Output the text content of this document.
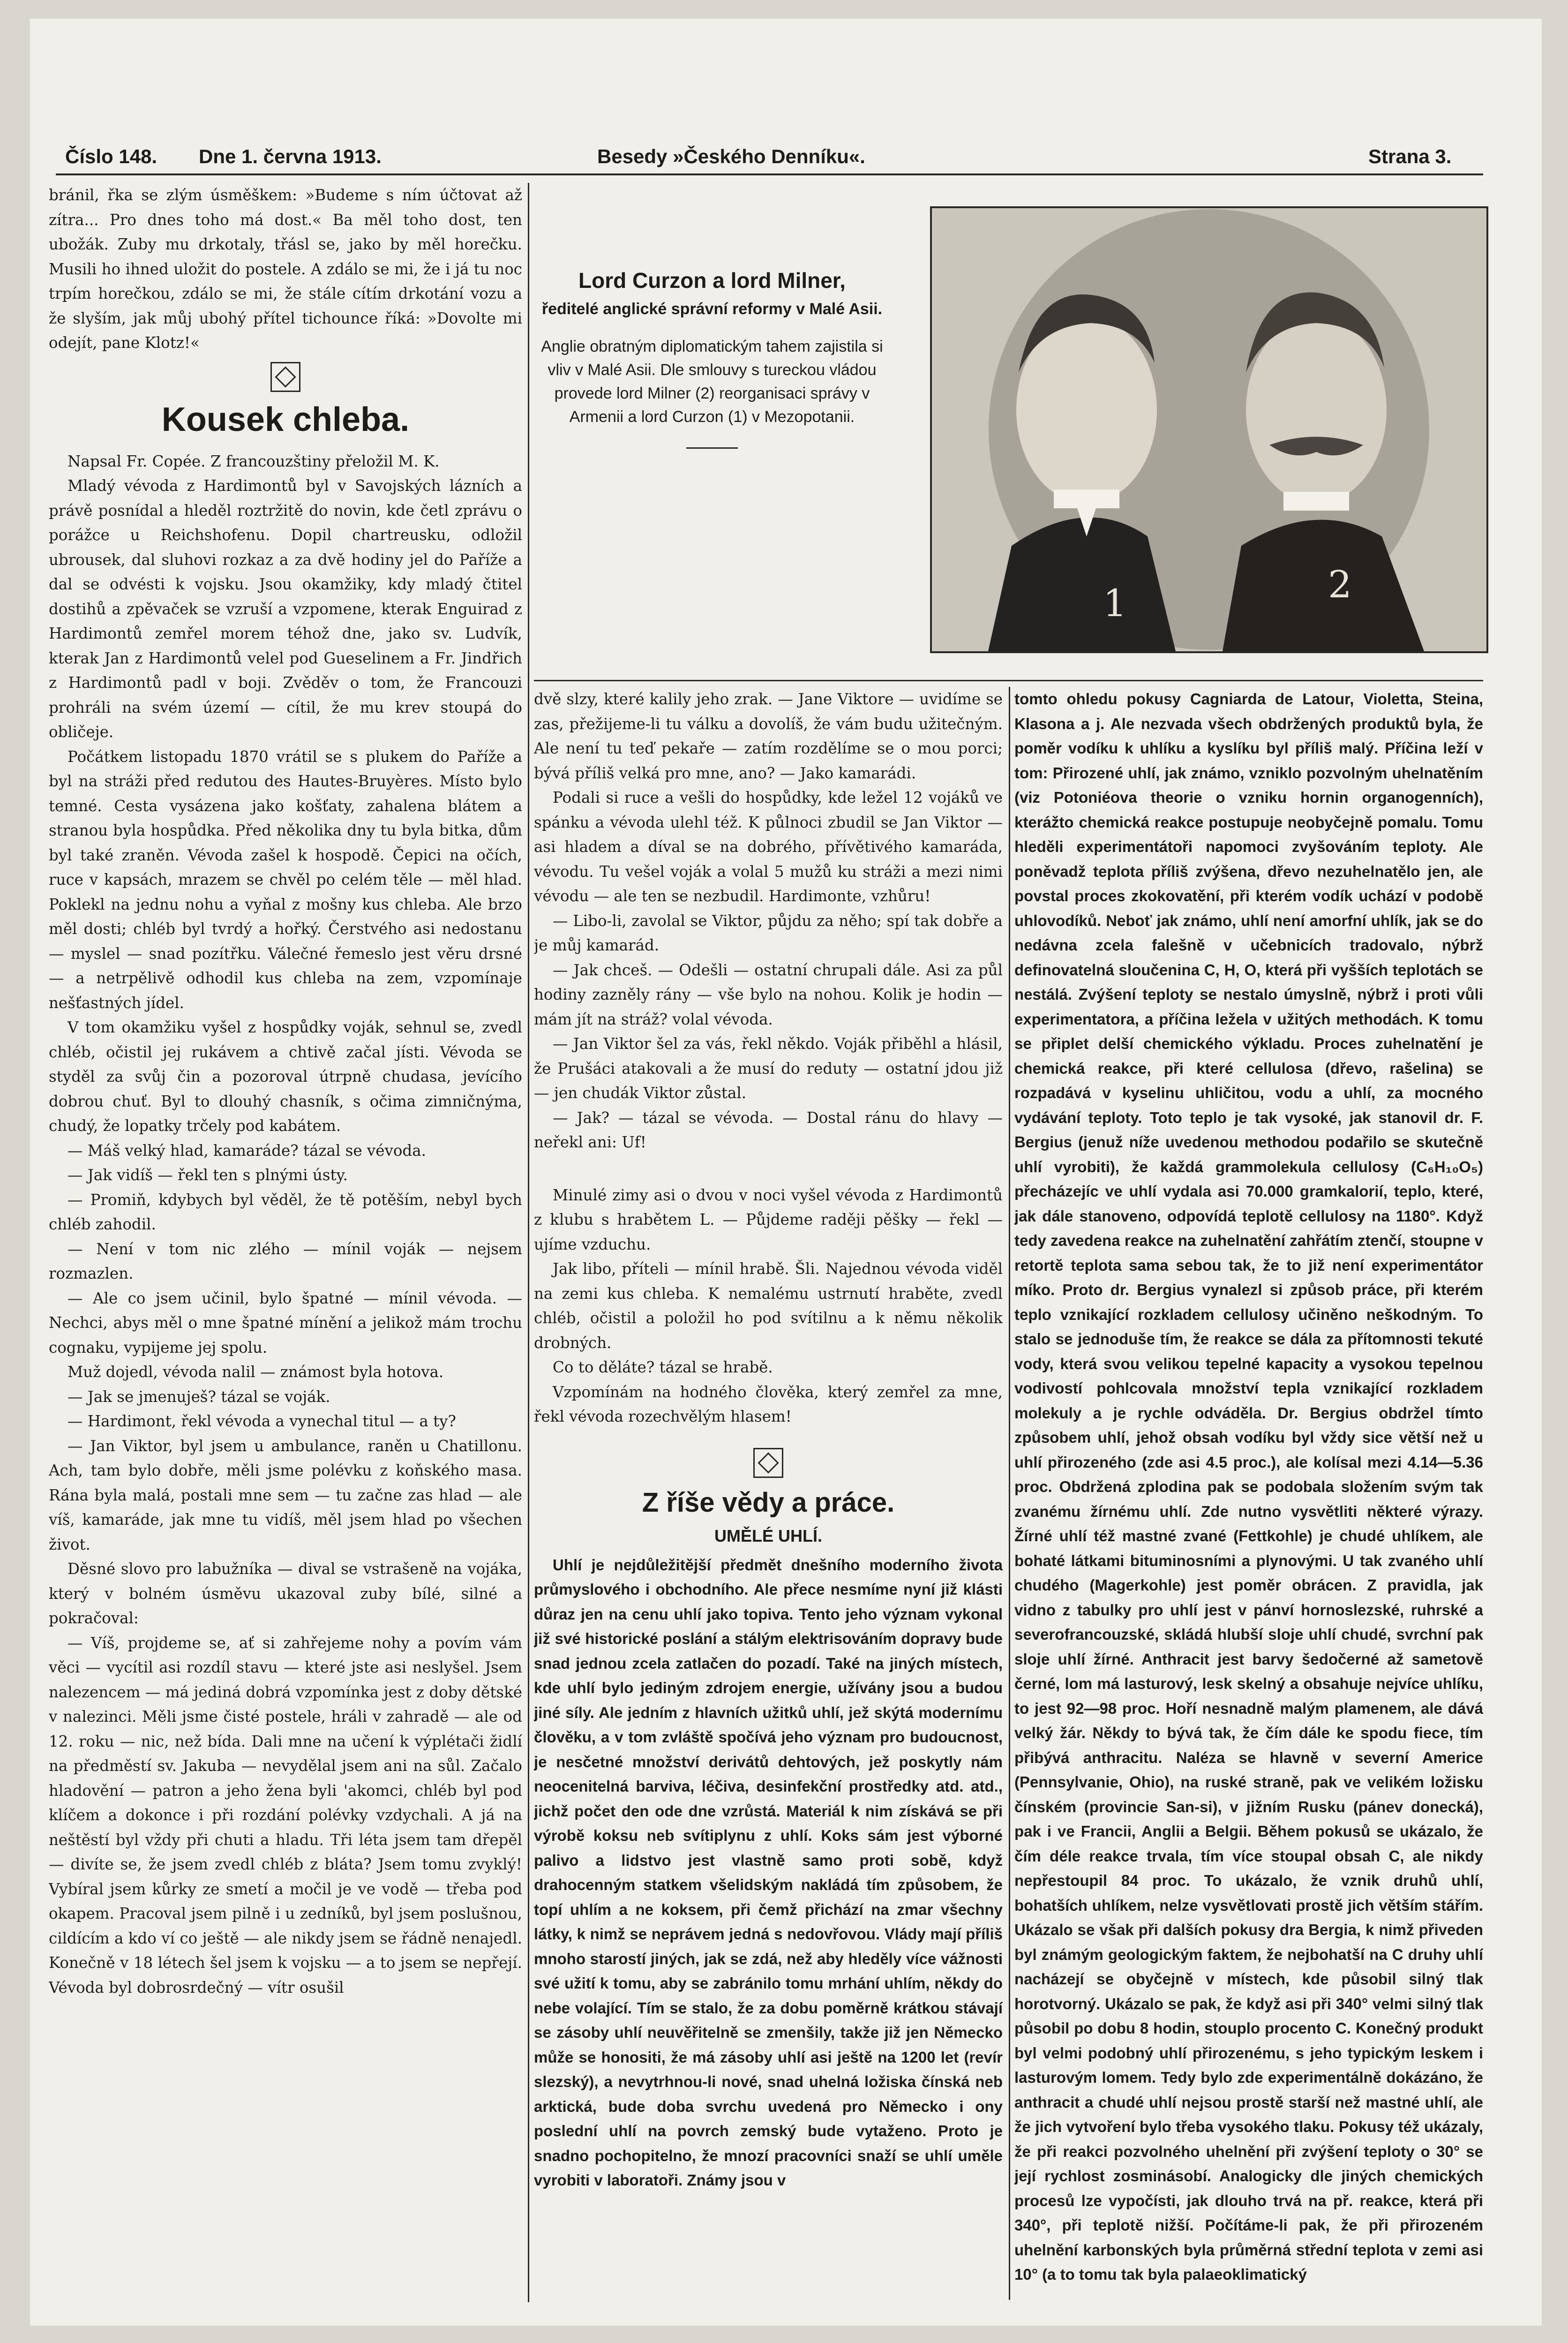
Číslo 148. Dne 1. června 1913.	Besedy »Českého Denníku«.	Strana 3.

bránil, řka se zlým úsměškem: »Budeme s ním účtovat až zítra... Pro dnes toho má dost.« Ba měl toho dost, ten ubožák. Zuby mu drkotaly, třásl se, jako by měl horečku. Musili ho ihned uložit do postele. A zdálo se mi, že i já tu noc trpím horečkou, zdálo se mi, že stále cítím drkotání vozu a že slyším, jak můj ubohý přítel tichounce říká: »Dovolte mi odejít, pane Klotz!«

Kousek chleba.

Napsal Fr. Copée. Z francouzštiny přeložil M. K.

Mladý vévoda z Hardimontů byl v Savojských lázních a právě posnídal a hleděl roztržitě do novin, kde četl zprávu o porážce u Reichshofenu. Dopil chartreusku, odložil ubrousek, dal sluhovi rozkaz a za dvě hodiny jel do Paříže a dal se odvésti k vojsku. Jsou okamžiky, kdy mladý čtitel dostihů a zpěvaček se vzruší a vzpomene, kterak Enguirad z Hardimontů zemřel morem téhož dne, jako sv. Ludvík, kterak Jan z Hardimontů velel pod Gueselinem a Fr. Jindřich z Hardimontů padl v boji. Zvěděv o tom, že Francouzi prohráli na svém území — cítil, že mu krev stoupá do obličeje.

Počátkem listopadu 1870 vrátil se s plukem do Paříže a byl na stráži před redutou des Hautes-Bruyères. Místo bylo temné. Cesta vysázena jako košťaty, zahalena blátem a stranou byla hospůdka. Před několika dny tu byla bitka, dům byl také zraněn. Vévoda zašel k hospodě. Čepici na očích, ruce v kapsách, mrazem se chvěl po celém těle — měl hlad. Poklekl na jednu nohu a vyňal z mošny kus chleba. Ale brzo měl dosti; chléb byl tvrdý a hořký. Čerstvého asi nedostanu — myslel — snad pozítřku. Válečné řemeslo jest věru drsné — a netrpělivě odhodil kus chleba na zem, vzpomínaje nešťastných jídel.

V tom okamžiku vyšel z hospůdky voják, sehnul se, zvedl chléb, očistil jej rukávem a chtivě začal jísti. Vévoda se styděl za svůj čin a pozoroval útrpně chudasa, jevícího dobrou chuť. Byl to dlouhý chasník, s očima zimničnýma, chudý, že lopatky trčely pod kabátem.

— Máš velký hlad, kamaráde? tázal se vévoda.

— Jak vidíš — řekl ten s plnými ústy.

— Promiň, kdybych byl věděl, že tě potěším, nebyl bych chléb zahodil.

— Není v tom nic zlého — mínil voják — nejsem rozmazlen.

— Ale co jsem učinil, bylo špatné — mínil vévoda. — Nechci, abys měl o mne špatné mínění a jelikož mám trochu cognaku, vypijeme jej spolu.

Muž dojedl, vévoda nalil — známost byla hotova.

— Jak se jmenuješ? tázal se voják.

— Hardimont, řekl vévoda a vynechal titul — a ty?

— Jan Viktor, byl jsem u ambulance, raněn u Chatillonu. Ach, tam bylo dobře, měli jsme polévku z koňského masa. Rána byla malá, postali mne sem — tu začne zas hlad — ale víš, kamaráde, jak mne tu vidíš, měl jsem hlad po všechen život.

Děsné slovo pro labužníka — dival se vstrašeně na vojáka, který v bolném úsměvu ukazoval zuby bílé, silné a pokračoval:

— Víš, projdeme se, ať si zahřejeme nohy a povím vám věci — vycítil asi rozdíl stavu — které jste asi neslyšel. Jsem nalezencem — má jediná dobrá vzpomínka jest z doby dětské v nalezinci. Měli jsme čisté postele, hráli v zahradě — ale od 12. roku — nic, než bída. Dali mne na učení k výplétači židlí na předměstí sv. Jakuba — nevydělal jsem ani na sůl. Začalo hladovění — patron a jeho žena byli 'akomci, chléb byl pod klíčem a dokonce i při rozdání polévky vzdychali. A já na neštěstí byl vždy při chuti a hladu. Tři léta jsem tam dřepěl — divíte se, že jsem zvedl chléb z bláta? Jsem tomu zvyklý! Vybíral jsem kůrky ze smetí a močil je ve vodě — třeba pod okapem. Pracoval jsem pilně i u zedníků, byl jsem poslušnou, cildícím a kdo ví co ještě — ale nikdy jsem se řádně nenajedl. Konečně v 18 létech šel jsem k vojsku — a to jsem se nepřejí. Vévoda byl dobrosrdečný — vítr osušil

Lord Curzon a lord Milner,
ředitelé anglické správní reformy v Malé Asii.
Anglie obratným diplomatickým tahem zajistila si vliv v Malé Asii. Dle smlouvy s tureckou vládou provede lord Milner (2) reorganisaci správy v Armenii a lord Curzon (1) v Mezopotanii.
1	2

dvě slzy, které kalily jeho zrak. — Jane Viktore — uvidíme se zas, přežijeme-li tu válku a dovolíš, že vám budu užitečným. Ale není tu teď pekaře — zatím rozdělíme se o mou porci; bývá příliš velká pro mne, ano? — Jako kamarádi.

Podali si ruce a vešli do hospůdky, kde ležel 12 vojáků ve spánku a vévoda ulehl též. K půlnoci zbudil se Jan Viktor — asi hladem a díval se na dobrého, přívětivého kamaráda, vévodu. Tu vešel voják a volal 5 mužů ku stráži a mezi nimi vévodu — ale ten se nezbudil. Hardimonte, vzhůru!

— Libo-li, zavolal se Viktor, půjdu za něho; spí tak dobře a je můj kamarád.

— Jak chceš. — Odešli — ostatní chrupali dále. Asi za půl hodiny zazněly rány — vše bylo na nohou. Kolik je hodin — mám jít na stráž? volal vévoda.

— Jan Viktor šel za vás, řekl někdo. Voják přiběhl a hlásil, že Prušáci atakovali a že musí do reduty — ostatní jdou již — jen chudák Viktor zůstal.

— Jak? — tázal se vévoda. — Dostal ránu do hlavy — neřekl ani: Uf!

Minulé zimy asi o dvou v noci vyšel vévoda z Hardimontů z klubu s hrabětem L. — Půjdeme raději pěšky — řekl — ujíme vzduchu.

Jak libo, příteli — mínil hrabě. Šli. Najednou vévoda viděl na zemi kus chleba. K nemalému ustrnutí hraběte, zvedl chléb, očistil a položil ho pod svítilnu a k němu několik drobných.

Co to děláte? tázal se hrabě.

Vzpomínám na hodného člověka, který zemřel za mne, řekl vévoda rozechvělým hlasem!

Z říše vědy a práce.
UMĚLÉ UHLÍ.

Uhlí je nejdůležitější předmět dnešního moderního života průmyslového i obchodního. Ale přece nesmíme nyní již klásti důraz jen na cenu uhlí jako topiva. Tento jeho význam vykonal již své historické poslání a stálým elektrisováním dopravy bude snad jednou zcela zatlačen do pozadí. Také na jiných místech, kde uhlí bylo jediným zdrojem energie, užívány jsou a budou jiné síly. Ale jedním z hlavních užitků uhlí, jež skýtá modernímu člověku, a v tom zvláště spočívá jeho význam pro budoucnost, je nesčetné množství derivátů dehtových, jež poskytly nám neocenitelná barviva, léčiva, desinfekční prostředky atd. atd., jichž počet den ode dne vzrůstá. Materiál k nim získává se při výrobě koksu neb svítiplynu z uhlí. Koks sám jest výborné palivo a lidstvo jest vlastně samo proti sobě, když drahocenným statkem všelidským nakládá tím způsobem, že topí uhlím a ne koksem, při čemž přichází na zmar všechny látky, k nimž se neprávem jedná s nedovřovou. Vlády mají příliš mnoho starostí jiných, jak se zdá, než aby hleděly více vážnosti své užití k tomu, aby se zabránilo tomu mrhání uhlím, někdy do nebe volající. Tím se stalo, že za dobu poměrně krátkou stávají se zásoby uhlí neuvěřitelně se zmenšily, takže již jen Německo může se honositi, že má zásoby uhlí asi ještě na 1200 let (revír slezský), a nevytrhnou-li nové, snad uhelná ložiska čínská neb arktická, bude doba svrchu uvedená pro Německo i ony poslední uhlí na povrch zemský bude vytaženo. Proto je snadno pochopitelno, že mnozí pracovníci snaží se uhlí uměle vyrobiti v laboratoři. Známy jsou v

tomto ohledu pokusy Cagniarda de Latour, Violetta, Steina, Klasona a j. Ale nezvada všech obdržených produktů byla, že poměr vodíku k uhlíku a kyslíku byl příliš malý. Příčina leží v tom: Přirozené uhlí, jak známo, vzniklo pozvolným uhelnatěním (viz Potoniéova theorie o vzniku hornin organogenních), kterážto chemická reakce postupuje neobyčejně pomalu. Tomu hleděli experimentátoři napomoci zvyšováním teploty. Ale poněvadž teplota příliš zvýšena, dřevo nezuhelnatělo jen, ale povstal proces zkokovatění, při kterém vodík uchází v podobě uhlovodíků. Neboť jak známo, uhlí není amorfní uhlík, jak se do nedávna zcela falešně v učebnicích tradovalo, nýbrž definovatelná sloučenina C, H, O, která při vyšších teplotách se nestálá. Zvýšení teploty se nestalo úmyslně, nýbrž i proti vůli experimentatora, a příčina ležela v užitých methodách. K tomu se připlet delší chemického výkladu. Proces zuhelnatění je chemická reakce, při které cellulosa (dřevo, rašelina) se rozpadává v kyselinu uhličitou, vodu a uhlí, za mocného vydávání teploty. Toto teplo je tak vysoké, jak stanovil dr. F. Bergius (jenuž níže uvedenou methodou podařilo se skutečně uhlí vyrobiti), že každá grammolekula cellulosy (C₆H₁₀O₅) přecházejíc ve uhlí vydala asi 70.000 gramkalorií, teplo, které, jak dále stanoveno, odpovídá teplotě cellulosy na 1180°. Když tedy zavedena reakce na zuhelnatění zahřátím ztenčí, stoupne v retortě teplota sama sebou tak, že to již není experimentátor míko. Proto dr. Bergius vynalezl si způsob práce, při kterém teplo vznikající rozkladem cellulosy učiněno neškodným. To stalo se jednoduše tím, že reakce se dála za přítomnosti tekuté vody, která svou velikou tepelné kapacity a vysokou tepelnou vodivostí pohlcovala množství tepla vznikající rozkladem molekuly a je rychle odváděla. Dr. Bergius obdržel tímto způsobem uhlí, jehož obsah vodíku byl vždy sice větší než u uhlí přirozeného (zde asi 4.5 proc.), ale kolísal mezi 4.14—5.36 proc. Obdržená zplodina pak se podobala složením svým tak zvanému žírnému uhlí. Zde nutno vysvětliti některé výrazy. Žírné uhlí též mastné zvané (Fettkohle) je chudé uhlíkem, ale bohaté látkami bituminosními a plynovými. U tak zvaného uhlí chudého (Magerkohle) jest poměr obrácen. Z pravidla, jak vidno z tabulky pro uhlí jest v pánví hornoslezské, ruhrské a severofrancouzské, skládá hlubší sloje uhlí chudé, svrchní pak sloje uhlí žírné. Anthracit jest barvy šedočerné až sametově černé, lom má lasturový, lesk skelný a obsahuje nejvíce uhlíku, to jest 92—98 proc. Hoří nesnadně malým plamenem, ale dává velký žár. Někdy to bývá tak, že čím dále ke spodu fiece, tím přibývá anthracitu. Naléza se hlavně v severní Americe (Pennsylvanie, Ohio), na ruské straně, pak ve velikém ložisku čínském (provincie San-si), v jižním Rusku (pánev donecká), pak i ve Francii, Anglii a Belgii. Během pokusů se ukázalo, že čím déle reakce trvala, tím více stoupal obsah C, ale nikdy nepřestoupil 84 proc. To ukázalo, že vznik druhů uhlí, bohatších uhlíkem, nelze vysvětlovati prostě jich větším stářím. Ukázalo se však při dalších pokusy dra Bergia, k nimž přiveden byl známým geologickým faktem, že nejbohatší na C druhy uhlí nacházejí se obyčejně v místech, kde působil silný tlak horotvorný. Ukázalo se pak, že když asi při 340° velmi silný tlak působil po dobu 8 hodin, stouplo procento C. Konečný produkt byl velmi podobný uhlí přirozenému, s jeho typickým leskem i lasturovým lomem. Tedy bylo zde experimentálně dokázáno, že anthracit a chudé uhlí nejsou prostě starší než mastné uhlí, ale že jich vytvoření bylo třeba vysokého tlaku. Pokusy též ukázaly, že při reakci pozvolného uhelnění při zvýšení teploty o 30° se její rychlost zosminásobí. Analogicky dle jiných chemických procesů lze vypočísti, jak dlouho trvá na př. reakce, která při 340°, při teplotě nižší. Počítáme-li pak, že při přirozeném uhelnění karbonských byla průměrná střední teplota v zemi asi 10° (a to tomu tak byla palaeoklimatický
